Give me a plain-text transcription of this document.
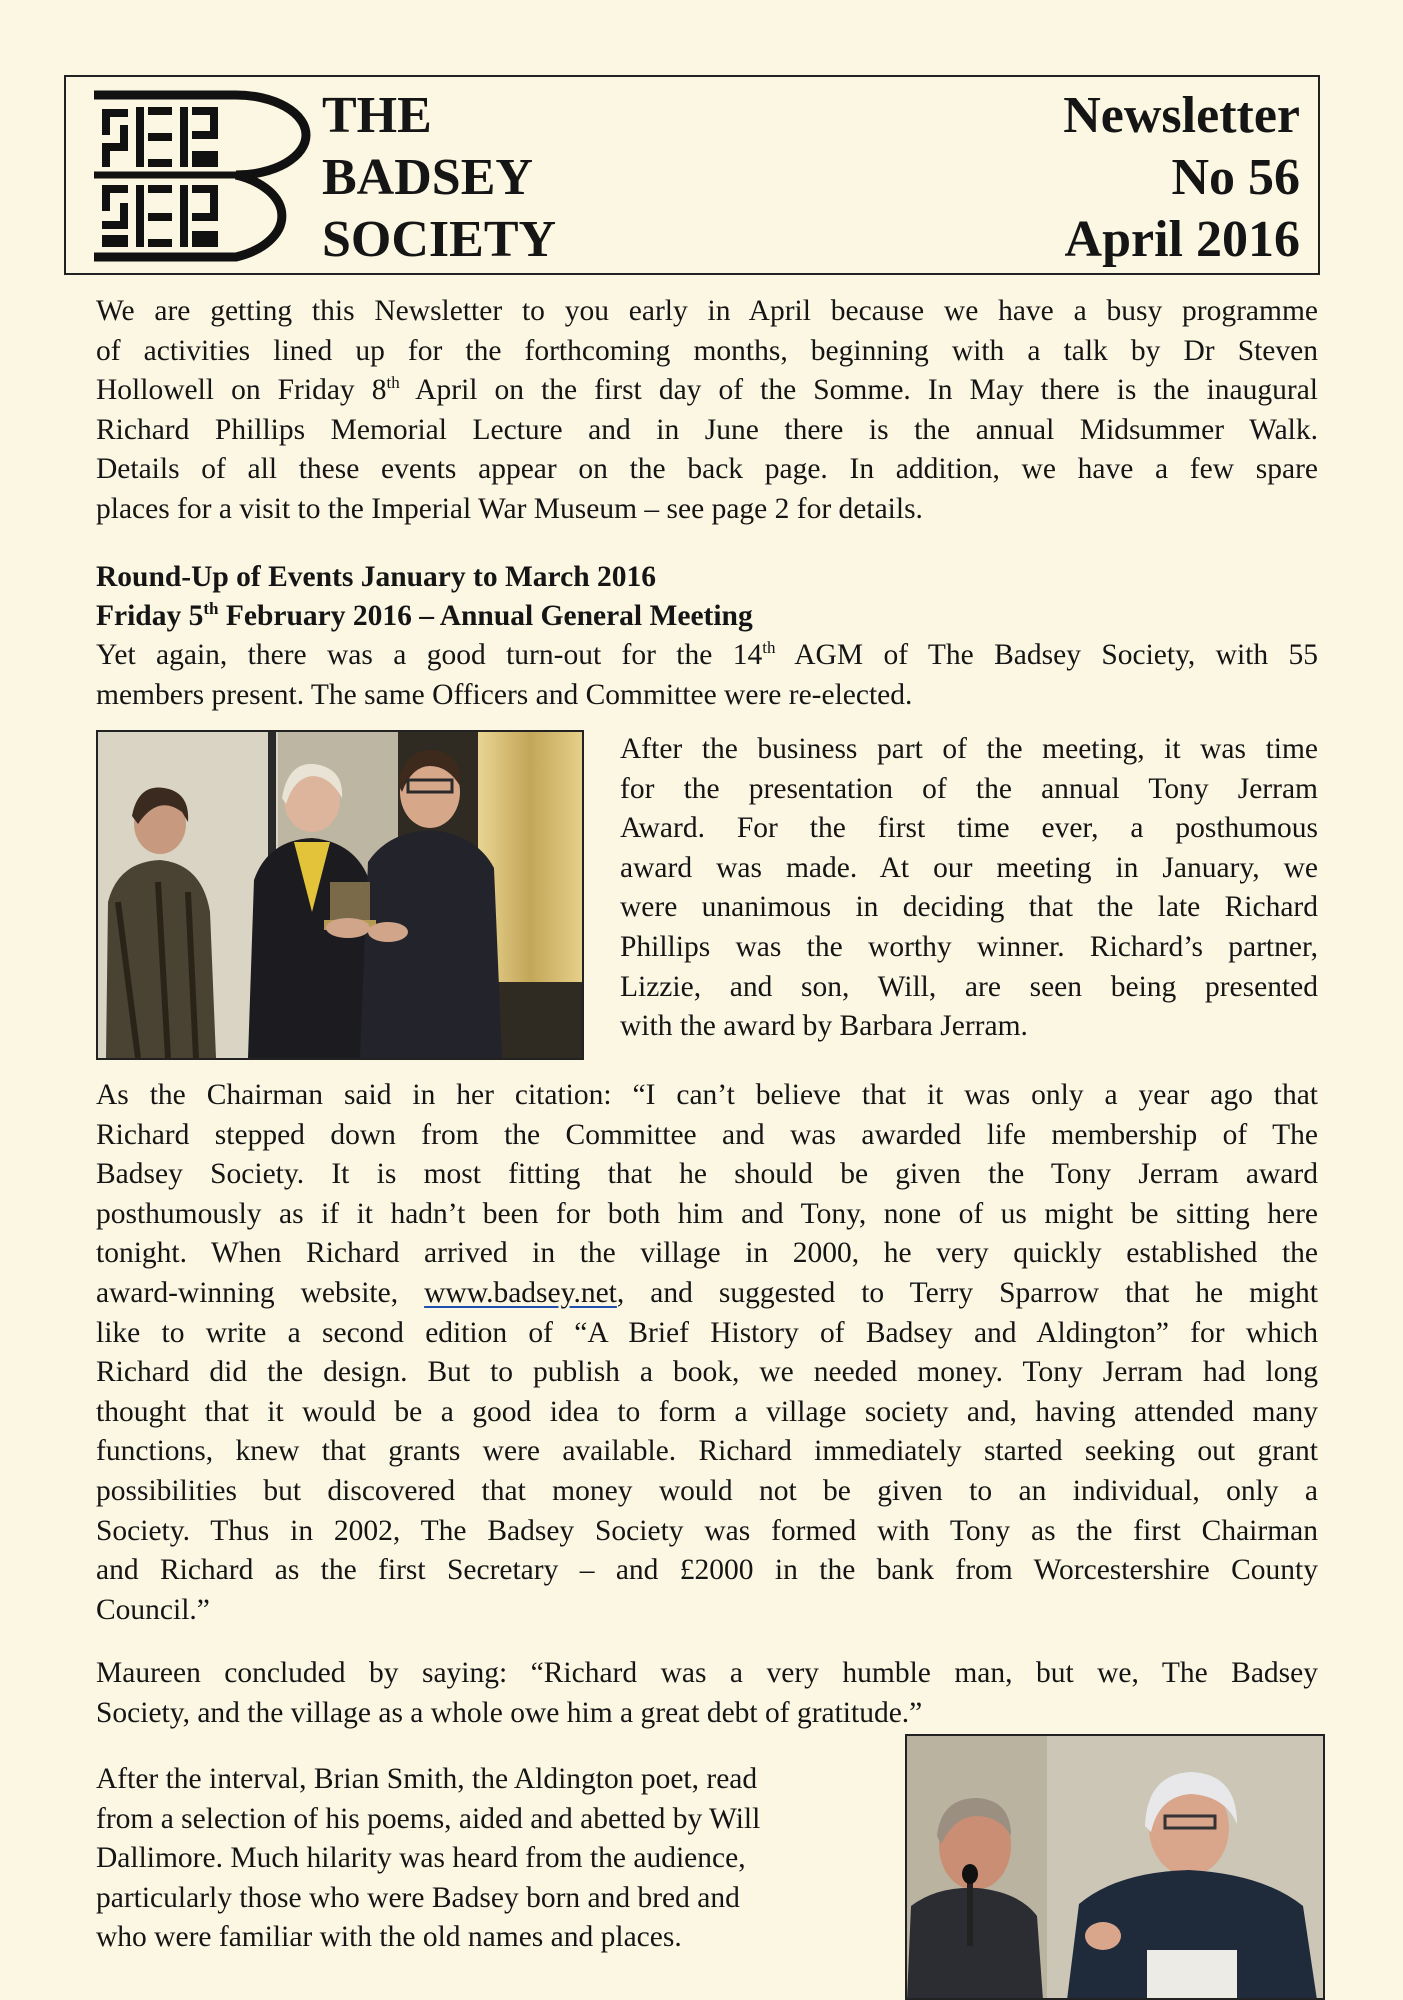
THE
BADSEY
SOCIETY
Newsletter
No 56
April 2016
We are getting this Newsletter to you early in April because we have a busy programme
of activities lined up for the forthcoming months, beginning with a talk by Dr Steven
Hollowell on Friday 8th April on the first day of the Somme. In May there is the inaugural
Richard Phillips Memorial Lecture and in June there is the annual Midsummer Walk.
Details of all these events appear on the back page. In addition, we have a few spare
places for a visit to the Imperial War Museum – see page 2 for details.
Round-Up of Events January to March 2016
Friday 5th February 2016 – Annual General Meeting
Yet again, there was a good turn-out for the 14th AGM of The Badsey Society, with 55
members present. The same Officers and Committee were re-elected.
After the business part of the meeting, it was time
for the presentation of the annual Tony Jerram
Award. For the first time ever, a posthumous
award was made. At our meeting in January, we
were unanimous in deciding that the late Richard
Phillips was the worthy winner. Richard’s partner,
Lizzie, and son, Will, are seen being presented
with the award by Barbara Jerram.
As the Chairman said in her citation: “I can’t believe that it was only a year ago that
Richard stepped down from the Committee and was awarded life membership of The
Badsey Society. It is most fitting that he should be given the Tony Jerram award
posthumously as if it hadn’t been for both him and Tony, none of us might be sitting here
tonight. When Richard arrived in the village in 2000, he very quickly established the
award-winning website, www.badsey.net, and suggested to Terry Sparrow that he might
like to write a second edition of “A Brief History of Badsey and Aldington” for which
Richard did the design. But to publish a book, we needed money. Tony Jerram had long
thought that it would be a good idea to form a village society and, having attended many
functions, knew that grants were available. Richard immediately started seeking out grant
possibilities but discovered that money would not be given to an individual, only a
Society. Thus in 2002, The Badsey Society was formed with Tony as the first Chairman
and Richard as the first Secretary – and £2000 in the bank from Worcestershire County
Council.”
Maureen concluded by saying: “Richard was a very humble man, but we, The Badsey
Society, and the village as a whole owe him a great debt of gratitude.”
After the interval, Brian Smith, the Aldington poet, read
from a selection of his poems, aided and abetted by Will
Dallimore. Much hilarity was heard from the audience,
particularly those who were Badsey born and bred and
who were familiar with the old names and places.
